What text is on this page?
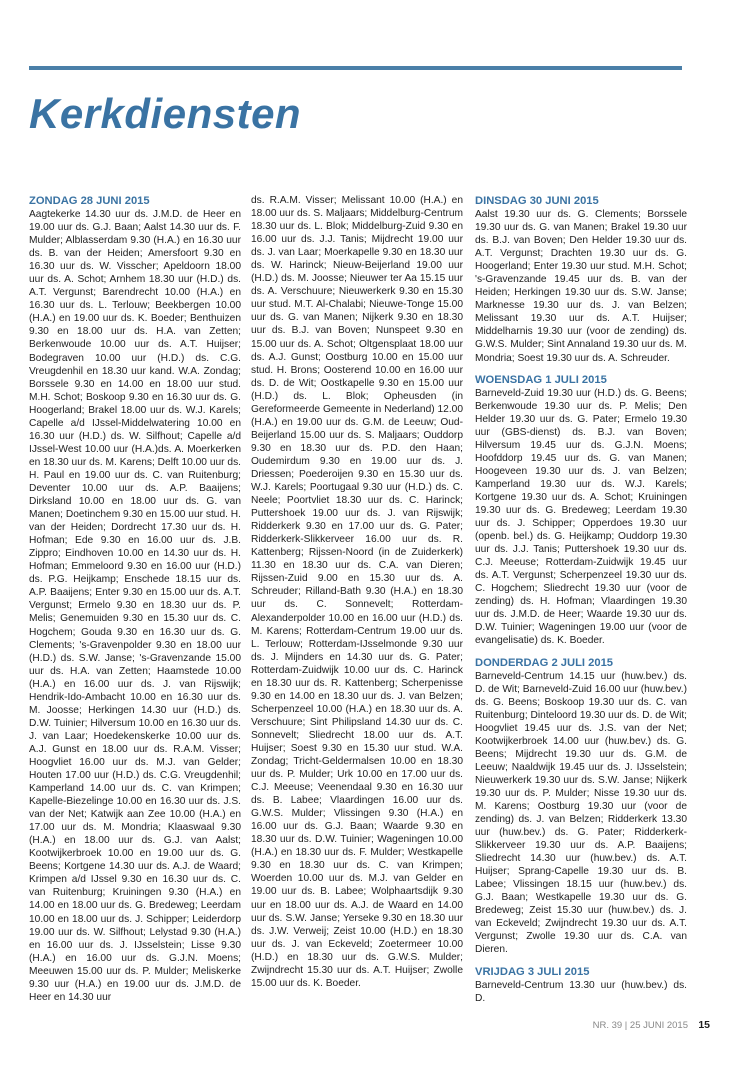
Kerkdiensten
ZONDAG 28 JUNI 2015
Aagtekerke 14.30 uur ds. J.M.D. de Heer en 19.00 uur ds. G.J. Baan; Aalst 14.30 uur ds. F. Mulder; Alblasserdam 9.30 (H.A.) en 16.30 uur ds. B. van der Heiden; Amersfoort 9.30 en 16.30 uur ds. W. Visscher; Apeldoorn 18.00 uur ds. A. Schot; Arnhem 18.30 uur (H.D.) ds. A.T. Vergunst; Barendrecht 10.00 (H.A.) en 16.30 uur ds. L. Terlouw; Beekbergen 10.00 (H.A.) en 19.00 uur ds. K. Boeder; Benthuizen 9.30 en 18.00 uur ds. H.A. van Zetten; Berkenwoude 10.00 uur ds. A.T. Huijser; Bodegraven 10.00 uur (H.D.) ds. C.G. Vreugdenhil en 18.30 uur kand. W.A. Zondag; Borssele 9.30 en 14.00 en 18.00 uur stud. M.H. Schot; Boskoop 9.30 en 16.30 uur ds. G. Hoogerland; Brakel 18.00 uur ds. W.J. Karels; Capelle a/d IJssel-Middelwatering 10.00 en 16.30 uur (H.D.) ds. W. Silfhout; Capelle a/d IJssel-West 10.00 uur (H.A.)ds. A. Moerkerken en 18.30 uur ds. M. Karens; Delft 10.00 uur ds. H. Paul en 19.00 uur ds. C. van Ruitenburg; Deventer 10.00 uur ds. A.P. Baaijens; Dirksland 10.00 en 18.00 uur ds. G. van Manen; Doetinchem 9.30 en 15.00 uur stud. H. van der Heiden; Dordrecht 17.30 uur ds. H. Hofman; Ede 9.30 en 16.00 uur ds. J.B. Zippro; Eindhoven 10.00 en 14.30 uur ds. H. Hofman; Emmeloord 9.30 en 16.00 uur (H.D.) ds. P.G. Heijkamp; Enschede 18.15 uur ds. A.P. Baaijens; Enter 9.30 en 15.00 uur ds. A.T. Vergunst; Ermelo 9.30 en 18.30 uur ds. P. Melis; Genemuiden 9.30 en 15.30 uur ds. C. Hogchem; Gouda 9.30 en 16.30 uur ds. G. Clements; 's-Gravenpolder 9.30 en 18.00 uur (H.D.) ds. S.W. Janse; 's-Gravenzande 15.00 uur ds. H.A. van Zetten; Haamstede 10.00 (H.A.) en 16.00 uur ds. J. van Rijswijk; Hendrik-Ido-Ambacht 10.00 en 16.30 uur ds. M. Joosse; Herkingen 14.30 uur (H.D.) ds. D.W. Tuinier; Hilversum 10.00 en 16.30 uur ds. J. van Laar; Hoedekenskerke 10.00 uur ds. A.J. Gunst en 18.00 uur ds. R.A.M. Visser; Hoogvliet 16.00 uur ds. M.J. van Gelder; Houten 17.00 uur (H.D.) ds. C.G. Vreugdenhil; Kamperland 14.00 uur ds. C. van Krimpen; Kapelle-Biezelinge 10.00 en 16.30 uur ds. J.S. van der Net; Katwijk aan Zee 10.00 (H.A.) en 17.00 uur ds. M. Mondria; Klaaswaal 9.30 (H.A.) en 18.00 uur ds. G.J. van Aalst; Kootwijkerbroek 10.00 en 19.00 uur ds. G. Beens; Kortgene 14.30 uur ds. A.J. de Waard; Krimpen a/d IJssel 9.30 en 16.30 uur ds. C. van Ruitenburg; Kruiningen 9.30 (H.A.) en 14.00 en 18.00 uur ds. G. Bredeweg; Leerdam 10.00 en 18.00 uur ds. J. Schipper; Leiderdorp 19.00 uur ds. W. Silfhout; Lelystad 9.30 (H.A.) en 16.00 uur ds. J. IJsselstein; Lisse 9.30 (H.A.) en 16.00 uur ds. G.J.N. Moens; Meeuwen 15.00 uur ds. P. Mulder; Meliskerke 9.30 uur (H.A.) en 19.00 uur ds. J.M.D. de Heer en 14.30 uur
ds. R.A.M. Visser; Melissant 10.00 (H.A.) en 18.00 uur ds. S. Maljaars; Middelburg-Centrum 18.30 uur ds. L. Blok; Middelburg-Zuid 9.30 en 16.00 uur ds. J.J. Tanis; Mijdrecht 19.00 uur ds. J. van Laar; Moerkapelle 9.30 en 18.30 uur ds. W. Harinck; Nieuw-Beijerland 19.00 uur (H.D.) ds. M. Joosse; Nieuwer ter Aa 15.15 uur ds. A. Verschuure; Nieuwerkerk 9.30 en 15.30 uur stud. M.T. Al-Chalabi; Nieuwe-Tonge 15.00 uur ds. G. van Manen; Nijkerk 9.30 en 18.30 uur ds. B.J. van Boven; Nunspeet 9.30 en 15.00 uur ds. A. Schot; Oltgensplaat 18.00 uur ds. A.J. Gunst; Oostburg 10.00 en 15.00 uur stud. H. Brons; Oosterend 10.00 en 16.00 uur ds. D. de Wit; Oostkapelle 9.30 en 15.00 uur (H.D.) ds. L. Blok; Opheusden (in Gereformeerde Gemeente in Nederland) 12.00 (H.A.) en 19.00 uur ds. G.M. de Leeuw; Oud-Beijerland 15.00 uur ds. S. Maljaars; Ouddorp 9.30 en 18.30 uur ds. P.D. den Haan; Oudemirdum 9.30 en 19.00 uur ds. J. Driessen; Poederoijen 9.30 en 15.30 uur ds. W.J. Karels; Poortugaal 9.30 uur (H.D.) ds. C. Neele; Poortvliet 18.30 uur ds. C. Harinck; Puttershoek 19.00 uur ds. J. van Rijswijk; Ridderkerk 9.30 en 17.00 uur ds. G. Pater; Ridderkerk-Slikkerveer 16.00 uur ds. R. Kattenberg; Rijssen-Noord (in de Zuiderkerk) 11.30 en 18.30 uur ds. C.A. van Dieren; Rijssen-Zuid 9.00 en 15.30 uur ds. A. Schreuder; Rilland-Bath 9.30 (H.A.) en 18.30 uur ds. C. Sonnevelt; Rotterdam-Alexanderpolder 10.00 en 16.00 uur (H.D.) ds. M. Karens; Rotterdam-Centrum 19.00 uur ds. L. Terlouw; Rotterdam-IJsselmonde 9.30 uur ds. J. Mijnders en 14.30 uur ds. G. Pater; Rotterdam-Zuidwijk 10.00 uur ds. C. Harinck en 18.30 uur ds. R. Kattenberg; Scherpenisse 9.30 en 14.00 en 18.30 uur ds. J. van Belzen; Scherpenzeel 10.00 (H.A.) en 18.30 uur ds. A. Verschuure; Sint Philipsland 14.30 uur ds. C. Sonnevelt; Sliedrecht 18.00 uur ds. A.T. Huijser; Soest 9.30 en 15.30 uur stud. W.A. Zondag; Tricht-Geldermalsen 10.00 en 18.30 uur ds. P. Mulder; Urk 10.00 en 17.00 uur ds. C.J. Meeuse; Veenendaal 9.30 en 16.30 uur ds. B. Labee; Vlaardingen 16.00 uur ds. G.W.S. Mulder; Vlissingen 9.30 (H.A.) en 16.00 uur ds. G.J. Baan; Waarde 9.30 en 18.30 uur ds. D.W. Tuinier; Wageningen 10.00 (H.A.) en 18.30 uur ds. F. Mulder; Westkapelle 9.30 en 18.30 uur ds. C. van Krimpen; Woerden 10.00 uur ds. M.J. van Gelder en 19.00 uur ds. B. Labee; Wolphaartsdijk 9.30 uur en 18.00 uur ds. A.J. de Waard en 14.00 uur ds. S.W. Janse; Yerseke 9.30 en 18.30 uur ds. J.W. Verweij; Zeist 10.00 (H.D.) en 18.30 uur ds. J. van Eckeveld; Zoetermeer 10.00 (H.D.) en 18.30 uur ds. G.W.S. Mulder; Zwijndrecht 15.30 uur ds. A.T. Huijser; Zwolle 15.00 uur ds. K. Boeder.
DINSDAG 30 JUNI 2015
Aalst 19.30 uur ds. G. Clements; Borssele 19.30 uur ds. G. van Manen; Brakel 19.30 uur ds. B.J. van Boven; Den Helder 19.30 uur ds. A.T. Vergunst; Drachten 19.30 uur ds. G. Hoogerland; Enter 19.30 uur stud. M.H. Schot; 's-Gravenzande 19.45 uur ds. B. van der Heiden; Herkingen 19.30 uur ds. S.W. Janse; Marknesse 19.30 uur ds. J. van Belzen; Melissant 19.30 uur ds. A.T. Huijser; Middelharnis 19.30 uur (voor de zending) ds. G.W.S. Mulder; Sint Annaland 19.30 uur ds. M. Mondria; Soest 19.30 uur ds. A. Schreuder.
WOENSDAG 1 JULI 2015
Barneveld-Zuid 19.30 uur (H.D.) ds. G. Beens; Berkenwoude 19.30 uur ds. P. Melis; Den Helder 19.30 uur ds. G. Pater; Ermelo 19.30 uur (GBS-dienst) ds. B.J. van Boven; Hilversum 19.45 uur ds. G.J.N. Moens; Hoofddorp 19.45 uur ds. G. van Manen; Hoogeveen 19.30 uur ds. J. van Belzen; Kamperland 19.30 uur ds. W.J. Karels; Kortgene 19.30 uur ds. A. Schot; Kruiningen 19.30 uur ds. G. Bredeweg; Leerdam 19.30 uur ds. J. Schipper; Opperdoes 19.30 uur (openb. bel.) ds. G. Heijkamp; Ouddorp 19.30 uur ds. J.J. Tanis; Puttershoek 19.30 uur ds. C.J. Meeuse; Rotterdam-Zuidwijk 19.45 uur ds. A.T. Vergunst; Scherpenzeel 19.30 uur ds. C. Hogchem; Sliedrecht 19.30 uur (voor de zending) ds. H. Hofman; Vlaardingen 19.30 uur ds. J.M.D. de Heer; Waarde 19.30 uur ds. D.W. Tuinier; Wageningen 19.00 uur (voor de evangelisatie) ds. K. Boeder.
DONDERDAG 2 JULI 2015
Barneveld-Centrum 14.15 uur (huw.bev.) ds. D. de Wit; Barneveld-Zuid 16.00 uur (huw.bev.) ds. G. Beens; Boskoop 19.30 uur ds. C. van Ruitenburg; Dinteloord 19.30 uur ds. D. de Wit; Hoogvliet 19.45 uur ds. J.S. van der Net; Kootwijkerbroek 14.00 uur (huw.bev.) ds. G. Beens; Mijdrecht 19.30 uur ds. G.M. de Leeuw; Naaldwijk 19.45 uur ds. J. IJsselstein; Nieuwerkerk 19.30 uur ds. S.W. Janse; Nijkerk 19.30 uur ds. P. Mulder; Nisse 19.30 uur ds. M. Karens; Oostburg 19.30 uur (voor de zending) ds. J. van Belzen; Ridderkerk 13.30 uur (huw.bev.) ds. G. Pater; Ridderkerk-Slikkerveer 19.30 uur ds. A.P. Baaijens; Sliedrecht 14.30 uur (huw.bev.) ds. A.T. Huijser; Sprang-Capelle 19.30 uur ds. B. Labee; Vlissingen 18.15 uur (huw.bev.) ds. G.J. Baan; Westkapelle 19.30 uur ds. G. Bredeweg; Zeist 15.30 uur (huw.bev.) ds. J. van Eckeveld; Zwijndrecht 19.30 uur ds. A.T. Vergunst; Zwolle 19.30 uur ds. C.A. van Dieren.
VRIJDAG 3 JULI 2015
Barneveld-Centrum 13.30 uur (huw.bev.) ds. D.
NR. 39 | 25 JUNI 2015 15
